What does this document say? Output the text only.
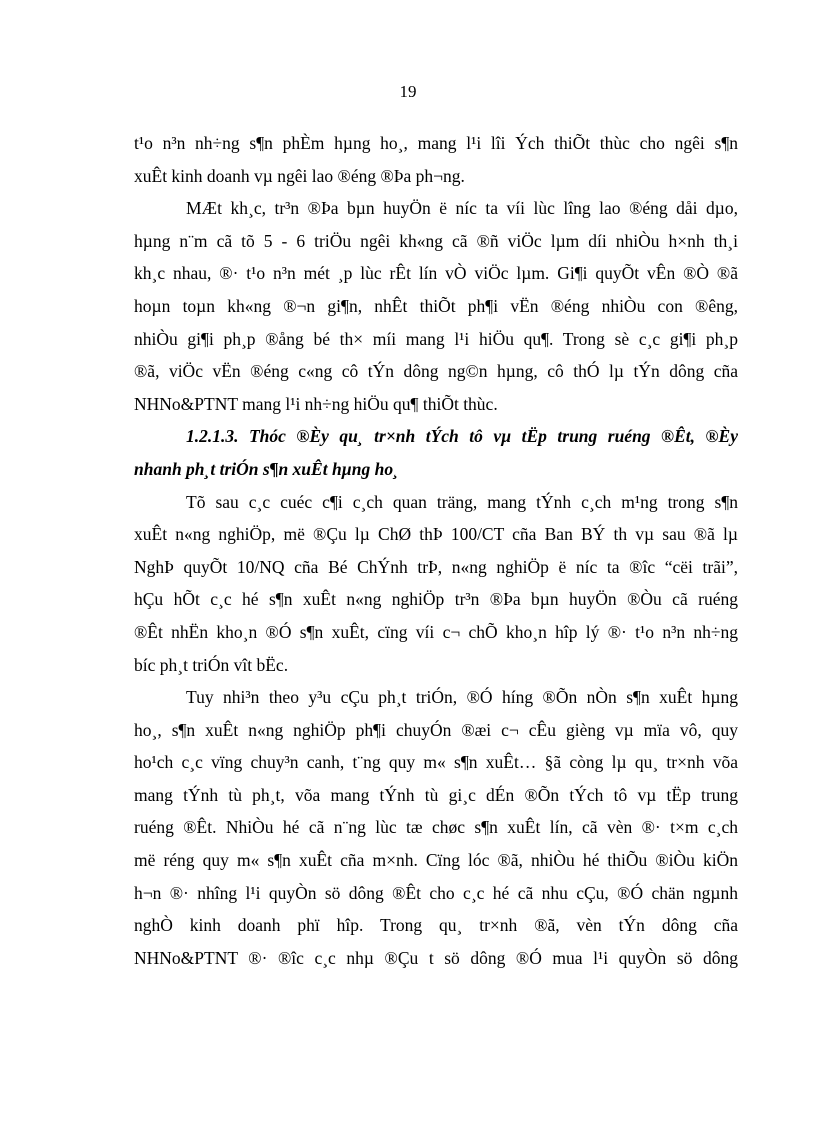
19
t¹o n³n nh÷ng s¶n phÈm hµng ho¸, mang l¹i lîi Ých thiÕt thùc cho ngêi s¶n
xuÊt kinh doanh vµ ngêi lao ®éng ®Þa ph¬ng.
MÆt kh¸c, tr³n ®Þa bµn huyÖn ë níc ta víi lùc lîng lao ®éng dåi dµo,
hµng n¨m cã tõ 5 - 6 triÖu ngêi kh«ng cã ®ñ viÖc lµm díi nhiÒu h×nh th¸i
kh¸c nhau, ®· t¹o n³n mét ¸p lùc rÊt lín vÒ viÖc lµm. Gi¶i quyÕt vÊn ®Ò ®ã
hoµn toµn kh«ng ®¬n gi¶n, nhÊt thiÕt ph¶i vËn ®éng nhiÒu con ®êng,
nhiÒu gi¶i ph¸p ®ång bé th× míi mang l¹i hiÖu qu¶. Trong sè c¸c gi¶i ph¸p
®ã, viÖc vËn ®éng c«ng cô tÝn dông ng©n hµng, cô thÓ lµ tÝn dông cña
NHNo&PTNT mang l¹i nh÷ng hiÖu qu¶ thiÕt thùc.
1.2.1.3. Thóc ®Èy qu¸ tr×nh tÝch tô vµ tËp trung ruéng ®Êt, ®Èy
nhanh ph¸t triÓn s¶n xuÊt hµng ho¸
Tõ sau c¸c cuéc c¶i c¸ch quan träng, mang tÝnh c¸ch m¹ng trong s¶n
xuÊt n«ng nghiÖp, më ®Çu lµ ChØ thÞ 100/CT cña Ban BÝ th vµ sau ®ã lµ
NghÞ quyÕt 10/NQ cña Bé ChÝnh trÞ, n«ng nghiÖp ë níc ta ®îc “cëi trãi”,
hÇu hÕt c¸c hé s¶n xuÊt n«ng nghiÖp tr³n ®Þa bµn huyÖn ®Òu cã ruéng
®Êt nhËn kho¸n ®Ó s¶n xuÊt, cïng víi c¬ chÕ kho¸n hîp lý ®· t¹o n³n nh÷ng
bíc ph¸t triÓn vît bËc.
Tuy nhi³n theo y³u cÇu ph¸t triÓn, ®Ó híng ®Õn nÒn s¶n xuÊt hµng
ho¸, s¶n xuÊt n«ng nghiÖp ph¶i chuyÓn ®æi c¬ cÊu gièng vµ mïa vô, quy
ho¹ch c¸c vïng chuy³n canh, t¨ng quy m« s¶n xuÊt… §ã còng lµ qu¸ tr×nh võa
mang tÝnh tù ph¸t, võa mang tÝnh tù gi¸c dÉn ®Õn tÝch tô vµ tËp trung
ruéng ®Êt. NhiÒu hé cã n¨ng lùc tæ chøc s¶n xuÊt lín, cã vèn ®· t×m c¸ch
më réng quy m« s¶n xuÊt cña m×nh. Cïng lóc ®ã, nhiÒu hé thiÕu ®iÒu kiÖn
h¬n ®· nhîng l¹i quyÒn sö dông ®Êt cho c¸c hé cã nhu cÇu, ®Ó chän ngµnh
nghÒ kinh doanh phï hîp. Trong qu¸ tr×nh ®ã, vèn tÝn dông cña
NHNo&PTNT ®· ®îc c¸c nhµ ®Çu t sö dông ®Ó mua l¹i quyÒn sö dông
